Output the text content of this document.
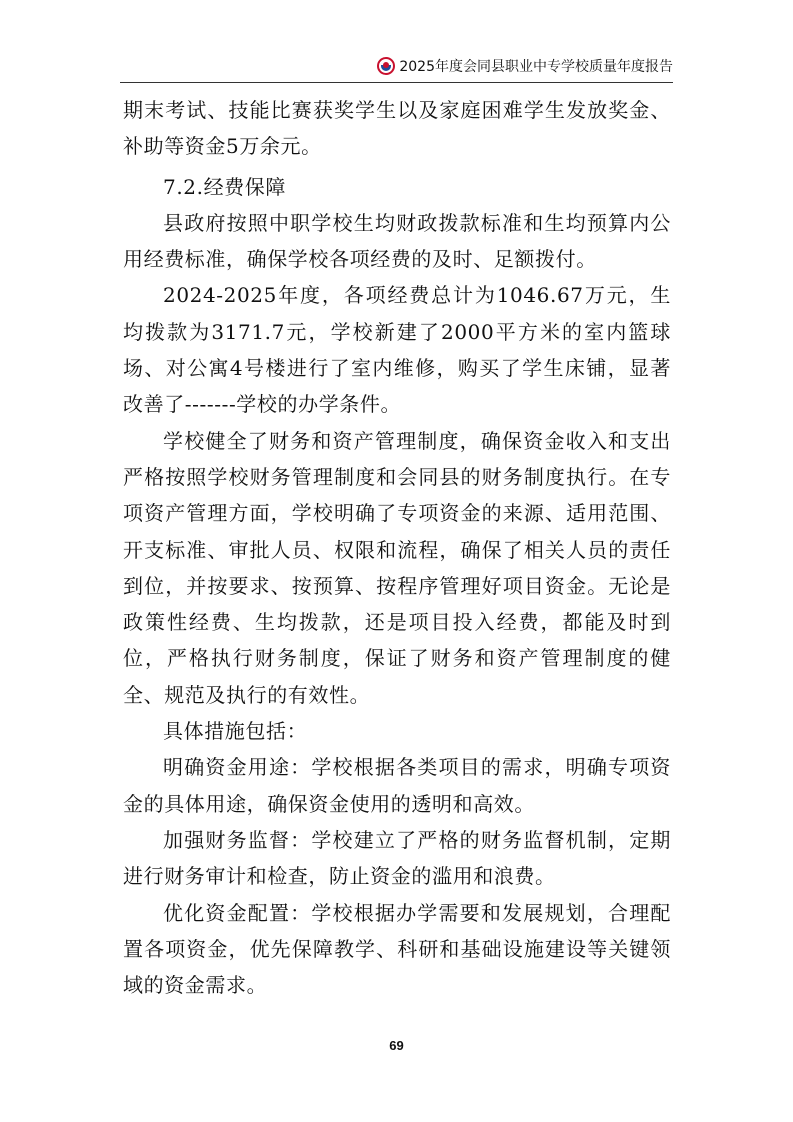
2025年度会同县职业中专学校质量年度报告

期末考试、技能比赛获奖学生以及家庭困难学生发放奖金、补助等资金5万余元。

7.2.经费保障

县政府按照中职学校生均财政拨款标准和生均预算内公用经费标准，确保学校各项经费的及时、足额拨付。

2024-2025年度，各项经费总计为1046.67万元，生均拨款为3171.7元，学校新建了2000平方米的室内篮球场、对公寓4号楼进行了室内维修，购买了学生床铺，显著改善了-------学校的办学条件。

学校健全了财务和资产管理制度，确保资金收入和支出严格按照学校财务管理制度和会同县的财务制度执行。在专项资产管理方面，学校明确了专项资金的来源、适用范围、开支标准、审批人员、权限和流程，确保了相关人员的责任到位，并按要求、按预算、按程序管理好项目资金。无论是政策性经费、生均拨款，还是项目投入经费，都能及时到位，严格执行财务制度，保证了财务和资产管理制度的健全、规范及执行的有效性。

具体措施包括：

明确资金用途：学校根据各类项目的需求，明确专项资金的具体用途，确保资金使用的透明和高效。

加强财务监督：学校建立了严格的财务监督机制，定期进行财务审计和检查，防止资金的滥用和浪费。

优化资金配置：学校根据办学需要和发展规划，合理配置各项资金，优先保障教学、科研和基础设施建设等关键领域的资金需求。

69
